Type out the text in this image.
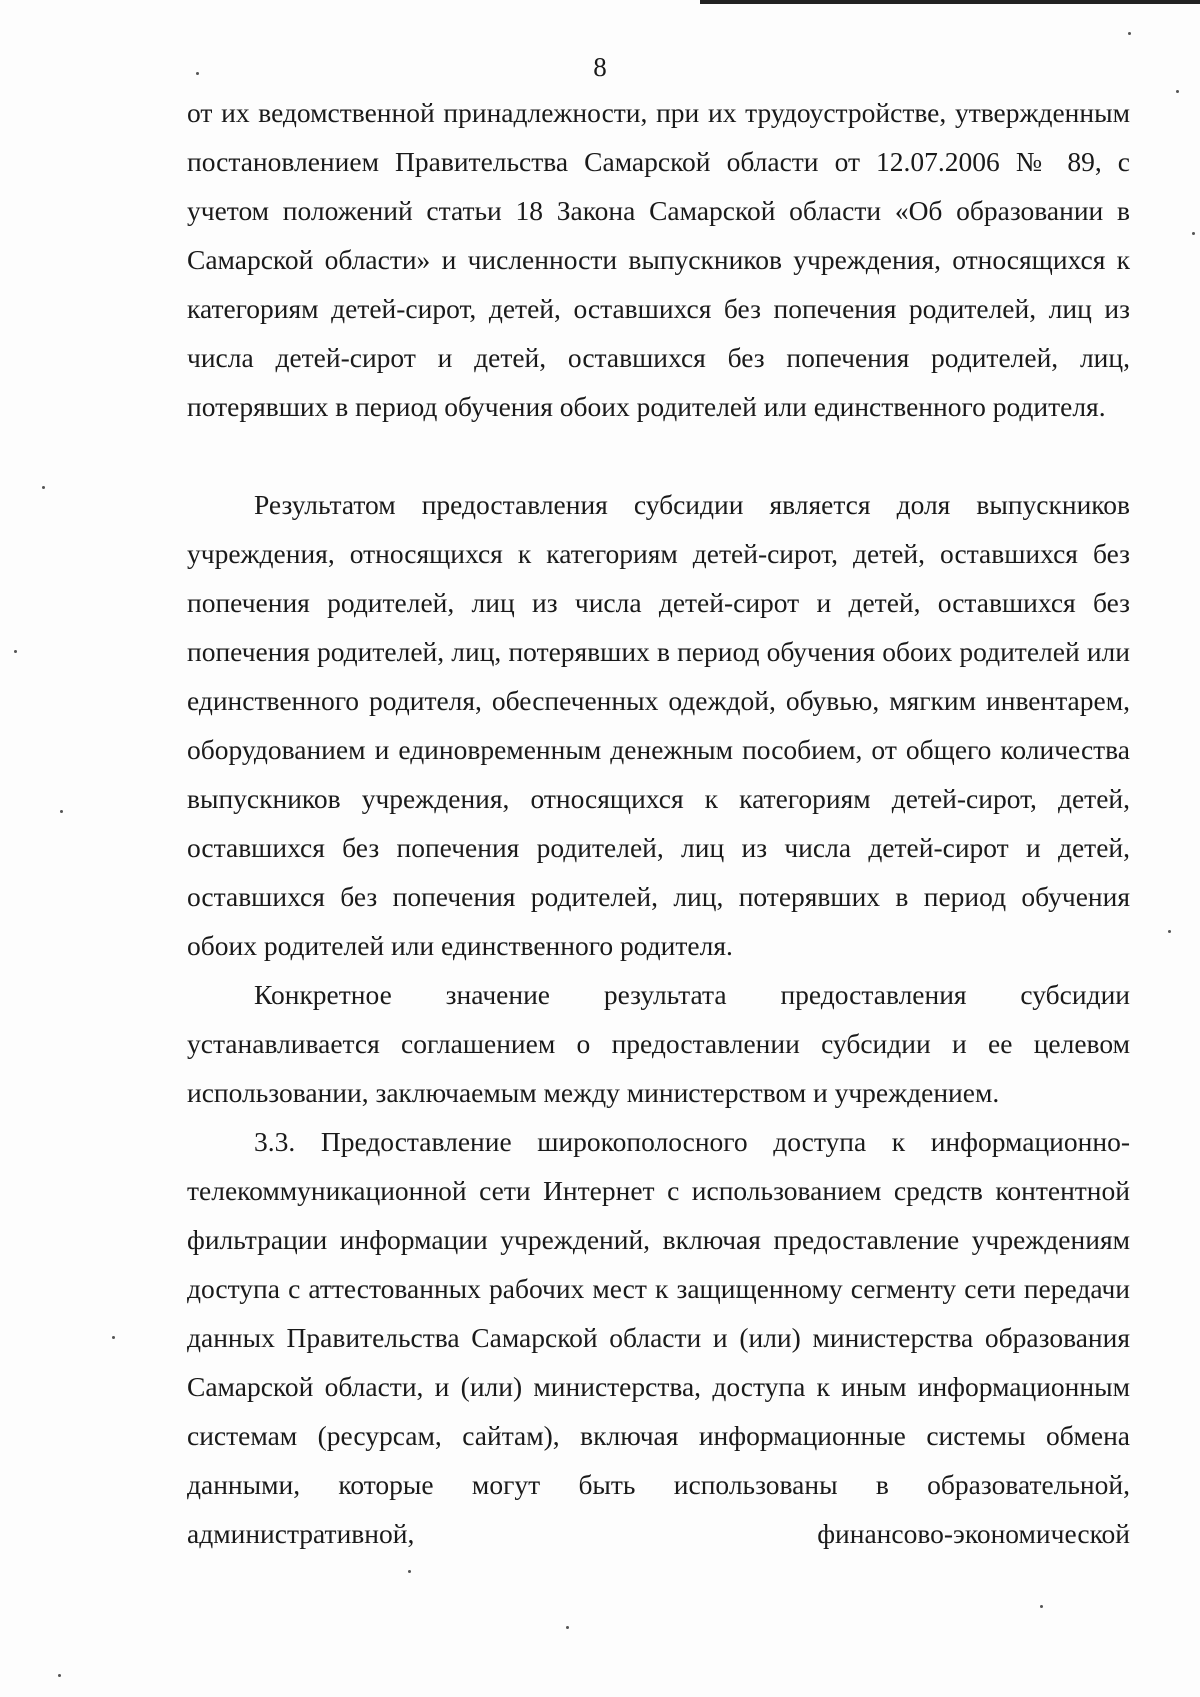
8

от их ведомственной принадлежности, при их трудоустройстве, утвержденным постановлением Правительства Самарской области от 12.07.2006 № 89, с учетом положений статьи 18 Закона Самарской области «Об образовании в Самарской области» и численности выпускников учреждения, относящихся к категориям детей-сирот, детей, оставшихся без попечения родителей, лиц из числа детей-сирот и детей, оставшихся без попечения родителей, лиц, потерявших в период обучения обоих родителей или единственного родителя.

Результатом предоставления субсидии является доля выпускников учреждения, относящихся к категориям детей-сирот, детей, оставшихся без попечения родителей, лиц из числа детей-сирот и детей, оставшихся без попечения родителей, лиц, потерявших в период обучения обоих родителей или единственного родителя, обеспеченных одеждой, обувью, мягким инвентарем, оборудованием и единовременным денежным пособием, от общего количества выпускников учреждения, относящихся к категориям детей-сирот, детей, оставшихся без попечения родителей, лиц из числа детей-сирот и детей, оставшихся без попечения родителей, лиц, потерявших в период обучения обоих родителей или единственного родителя.

Конкретное значение результата предоставления субсидии устанавливается соглашением о предоставлении субсидии и ее целевом использовании, заключаемым между министерством и учреждением.

3.3. Предоставление широкополосного доступа к информационно-телекоммуникационной сети Интернет с использованием средств контентной фильтрации информации учреждений, включая предоставление учреждениям доступа с аттестованных рабочих мест к защищенному сегменту сети передачи данных Правительства Самарской области и (или) министерства образования Самарской области, и (или) министерства, доступа к иным информационным системам (ресурсам, сайтам), включая информационные системы обмена данными, которые могут быть использованы в образовательной, административной, финансово-экономической
